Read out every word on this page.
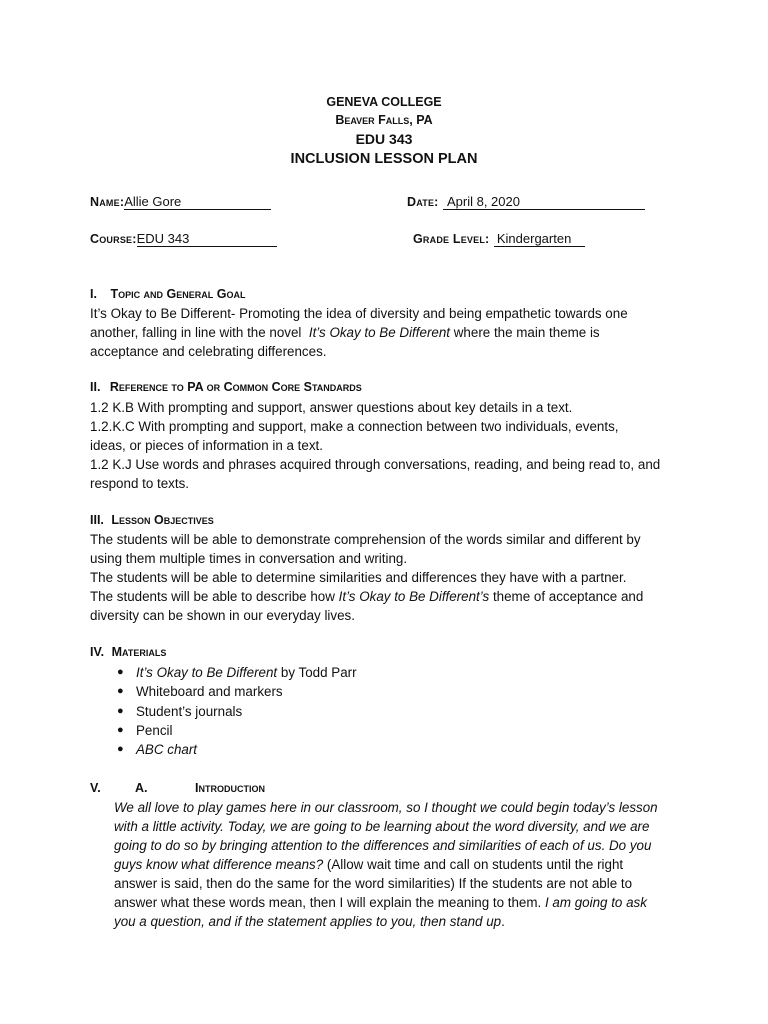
GENEVA COLLEGE
Beaver Falls, PA
EDU 343
INCLUSION LESSON PLAN
Name:Allie Gore	Date: April 8, 2020
Course:EDU 343	Grade Level: Kindergarten
I. Topic and General Goal
It’s Okay to Be Different- Promoting the idea of diversity and being empathetic towards one
another, falling in line with the novel  It’s Okay to Be Different where the main theme is
acceptance and celebrating differences.
II. Reference to PA or Common Core Standards
1.2 K.B With prompting and support, answer questions about key details in a text.
1.2.K.C With prompting and support, make a connection between two individuals, events,
ideas, or pieces of information in a text.
1.2 K.J Use words and phrases acquired through conversations, reading, and being read to, and
respond to texts.
III. Lesson Objectives
The students will be able to demonstrate comprehension of the words similar and different by
using them multiple times in conversation and writing.
The students will be able to determine similarities and differences they have with a partner.
The students will be able to describe how It’s Okay to Be Different’s theme of acceptance and
diversity can be shown in our everyday lives.
IV. Materials
● It’s Okay to Be Different by Todd Parr
● Whiteboard and markers
● Student’s journals
● Pencil
● ABC chart
V.	A.	Introduction
We all love to play games here in our classroom, so I thought we could begin today’s lesson
with a little activity. Today, we are going to be learning about the word diversity, and we are
going to do so by bringing attention to the differences and similarities of each of us. Do you
guys know what difference means? (Allow wait time and call on students until the right
answer is said, then do the same for the word similarities) If the students are not able to
answer what these words mean, then I will explain the meaning to them. I am going to ask
you a question, and if the statement applies to you, then stand up.
